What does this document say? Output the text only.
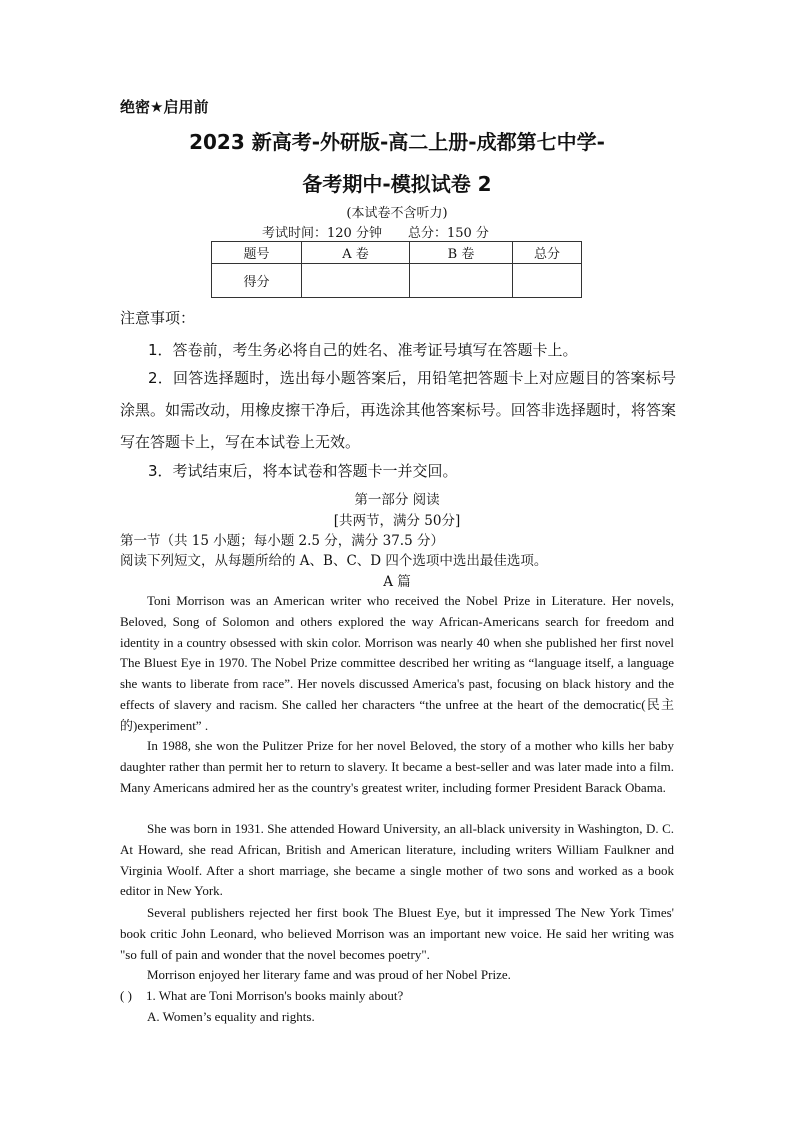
绝密★启用前
2023 新高考-外研版-高二上册-成都第七中学-
备考期中-模拟试卷 2
(本试卷不含听力)
考试时间：120 分钟 总分：150 分
题号	A 卷	B 卷	总分
得分			
注意事项：
1．答卷前，考生务必将自己的姓名、准考证号填写在答题卡上。
2．回答选择题时，选出每小题答案后，用铅笔把答题卡上对应题目的答案标号涂黑。如需改动，用橡皮擦干净后，再选涂其他答案标号。回答非选择题时，将答案写在答题卡上，写在本试卷上无效。
3．考试结束后，将本试卷和答题卡一并交回。
第一部分 阅读
[共两节，满分 50分]
第一节（共 15 小题；每小题 2.5 分，满分 37.5 分）
阅读下列短文，从每题所给的 A、B、C、D 四个选项中选出最佳选项。
A 篇
Toni Morrison was an American writer who received the Nobel Prize in Literature. Her novels, Beloved, Song of Solomon and others explored the way African-Americans search for freedom and identity in a country obsessed with skin color. Morrison was nearly 40 when she published her first novel The Bluest Eye in 1970. The Nobel Prize committee described her writing as “language itself, a language she wants to liberate from race”. Her novels discussed America's past, focusing on black history and the effects of slavery and racism. She called her characters “the unfree at the heart of the democratic(民主的)experiment” .
In 1988, she won the Pulitzer Prize for her novel Beloved, the story of a mother who kills her baby daughter rather than permit her to return to slavery. It became a best-seller and was later made into a film. Many Americans admired her as the country's greatest writer, including former President Barack Obama.
She was born in 1931. She attended Howard University, an all-black university in Washington, D. C. At Howard, she read African, British and American literature, including writers William Faulkner and Virginia Woolf. After a short marriage, she became a single mother of two sons and worked as a book editor in New York.
Several publishers rejected her first book The Bluest Eye, but it impressed The New York Times' book critic John Leonard, who believed Morrison was an important new voice. He said her writing was "so full of pain and wonder that the novel becomes poetry".
Morrison enjoyed her literary fame and was proud of her Nobel Prize.
( ) 1. What are Toni Morrison's books mainly about?
A. Women’s equality and rights.
